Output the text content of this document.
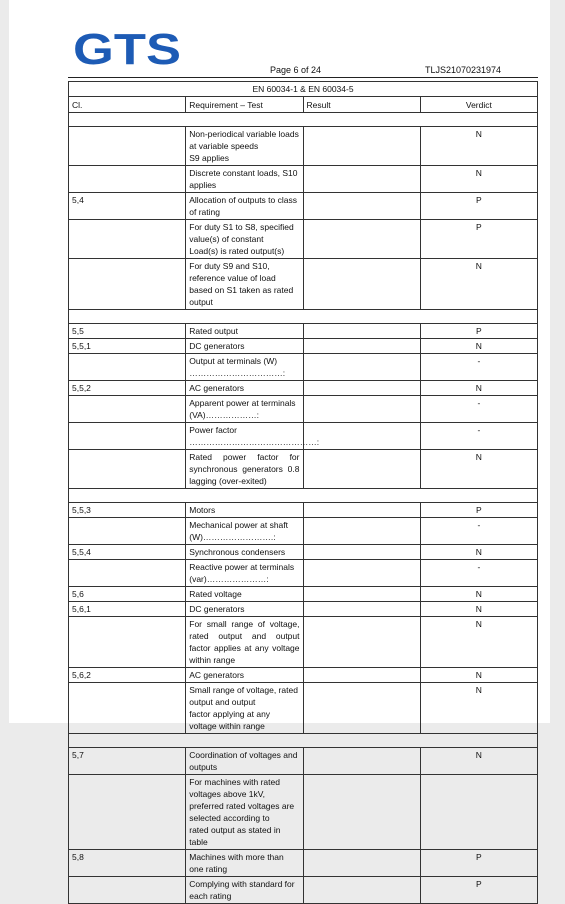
GTS	Page 6 of 24	TLJS21070231974
EN 60034-1 & EN 60034-5			
Cl.	Requirement – Test	Result	Verdict

	Non-periodical variable loads at variable speeds
S9 applies		N

	Discrete constant loads, S10 applies		N
5,4	Allocation of outputs to class of rating		P

	For duty S1 to S8, specified value(s) of constant
Load(s) is rated output(s)		P

	For duty S9 and S10, reference value of load
based on S1 taken as rated output		N

5,5	Rated output		P
5,5,1	DC generators		N

	Output at terminals (W) ……………………………:		-
5,5,2	AC generators		N

	Apparent power at terminals (VA)………………:		-

	Power factor ………………………………………:		-

	Rated power factor for synchronous generators 0.8
lagging (over-exited)		N

5,5,3	Motors		P

	Mechanical power at shaft (W)…………………….:		-
5,5,4	Synchronous condensers		N

	Reactive power at terminals (var)…………………:		-
5,6	Rated voltage		N
5,6,1	DC generators		N

	For small range of voltage, rated output and output
factor applies at any voltage within range		N
5,6,2	AC generators		N

	Small range of voltage, rated output and output
factor applying at any voltage within range		N

5,7	Coordination of voltages and outputs		N

	For machines with rated voltages above 1kV,
preferred rated voltages are selected according to
rated output as stated in table		

5,8	Machines with more than one rating		P

	Complying with standard for each rating		P
